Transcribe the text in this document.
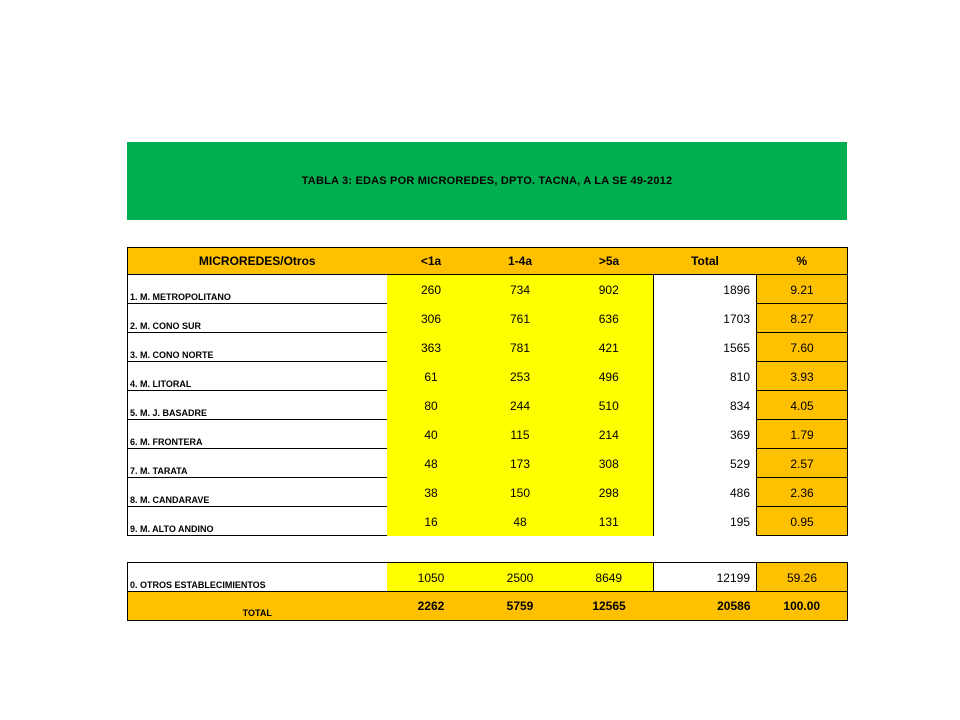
TABLA 3: EDAS POR MICROREDES, DPTO. TACNA, A LA SE 49-2012
MICROREDES/Otros	<1a	1-4a	>5a	Total	%
1. M. METROPOLITANO	260	734	902	1896	9.21
2. M. CONO SUR	306	761	636	1703	8.27
3. M. CONO NORTE	363	781	421	1565	7.60
4. M. LITORAL	61	253	496	810	3.93
5. M. J. BASADRE	80	244	510	834	4.05
6. M. FRONTERA	40	115	214	369	1.79
7. M. TARATA	48	173	308	529	2.57
8. M. CANDARAVE	38	150	298	486	2.36
9. M. ALTO ANDINO	16	48	131	195	0.95

0. OTROS ESTABLECIMIENTOS	1050	2500	8649	12199	59.26
TOTAL	2262	5759	12565	20586	100.00
